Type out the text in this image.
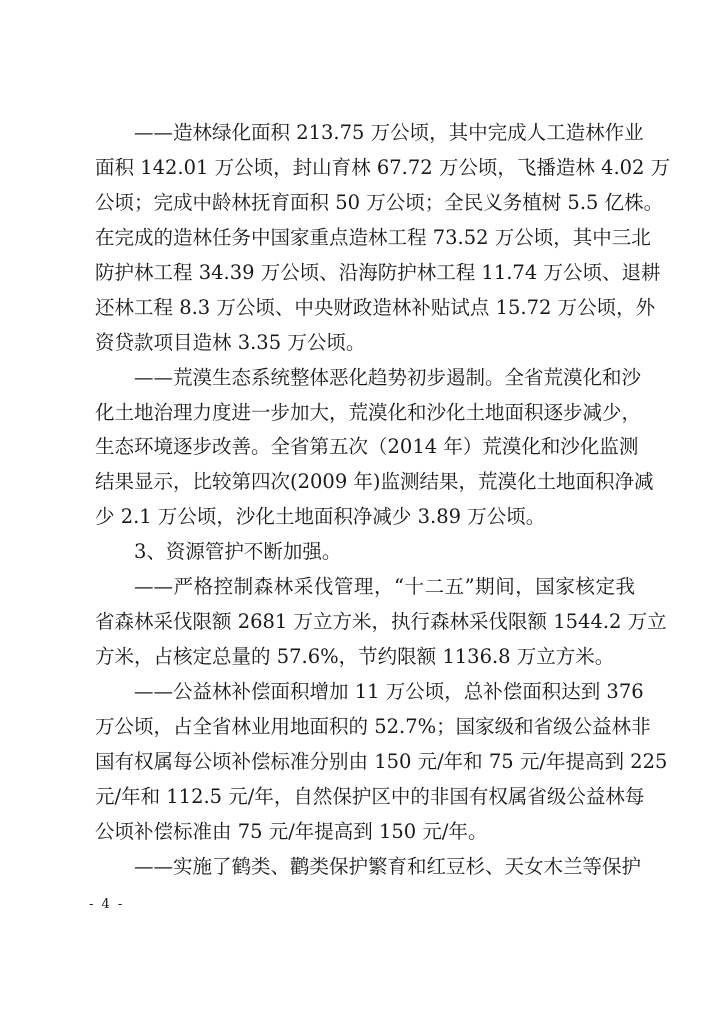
——造林绿化面积 213.75 万公顷，其中完成人工造林作业
面积 142.01 万公顷，封山育林 67.72 万公顷，飞播造林 4.02 万
公顷；完成中龄林抚育面积 50 万公顷；全民义务植树 5.5 亿株。
在完成的造林任务中国家重点造林工程 73.52 万公顷，其中三北
防护林工程 34.39 万公顷、沿海防护林工程 11.74 万公顷、退耕
还林工程 8.3 万公顷、中央财政造林补贴试点 15.72 万公顷，外
资贷款项目造林 3.35 万公顷。
——荒漠生态系统整体恶化趋势初步遏制。全省荒漠化和沙
化土地治理力度进一步加大，荒漠化和沙化土地面积逐步减少，
生态环境逐步改善。全省第五次（2014 年）荒漠化和沙化监测
结果显示，比较第四次(2009 年)监测结果，荒漠化土地面积净减
少 2.1 万公顷，沙化土地面积净减少 3.89 万公顷。
3、资源管护不断加强。
——严格控制森林采伐管理，“十二五”期间，国家核定我
省森林采伐限额 2681 万立方米，执行森林采伐限额 1544.2 万立
方米，占核定总量的 57.6%，节约限额 1136.8 万立方米。
——公益林补偿面积增加 11 万公顷，总补偿面积达到 376
万公顷，占全省林业用地面积的 52.7%；国家级和省级公益林非
国有权属每公顷补偿标准分别由 150 元/年和 75 元/年提高到 225
元/年和 112.5 元/年，自然保护区中的非国有权属省级公益林每
公顷补偿标准由 75 元/年提高到 150 元/年。
——实施了鹤类、鹳类保护繁育和红豆杉、天女木兰等保护
- 4 -
